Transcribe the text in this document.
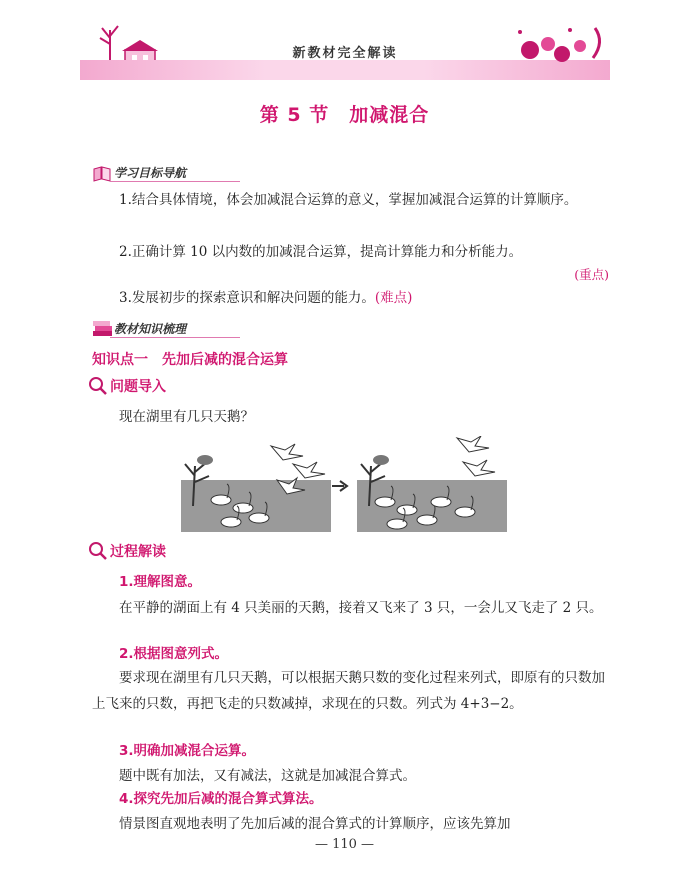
新教材完全解读
第 5 节　加减混合
学习目标导航

1.结合具体情境，体会加减混合运算的意义，掌握加减混合运算的计算顺序。

2.正确计算 10 以内数的加减混合运算，提高计算能力和分析能力。

(重点)

3.发展初步的探索意识和解决问题的能力。(难点)

教材知识梳理
知识点一　先加后减的混合运算
问题导入

现在湖里有几只天鹅？

过程解读

1.理解图意。

在平静的湖面上有 4 只美丽的天鹅，接着又飞来了 3 只，一会儿又飞走了 2 只。

2.根据图意列式。

要求现在湖里有几只天鹅，可以根据天鹅只数的变化过程来列式，即原有的只数加上飞来的只数，再把飞走的只数减掉，求现在的只数。列式为 4+3−2。

3.明确加减混合运算。

题中既有加法，又有减法，这就是加减混合算式。

4.探究先加后减的混合算式算法。

情景图直观地表明了先加后减的混合算式的计算顺序，应该先算加

— 110 —
